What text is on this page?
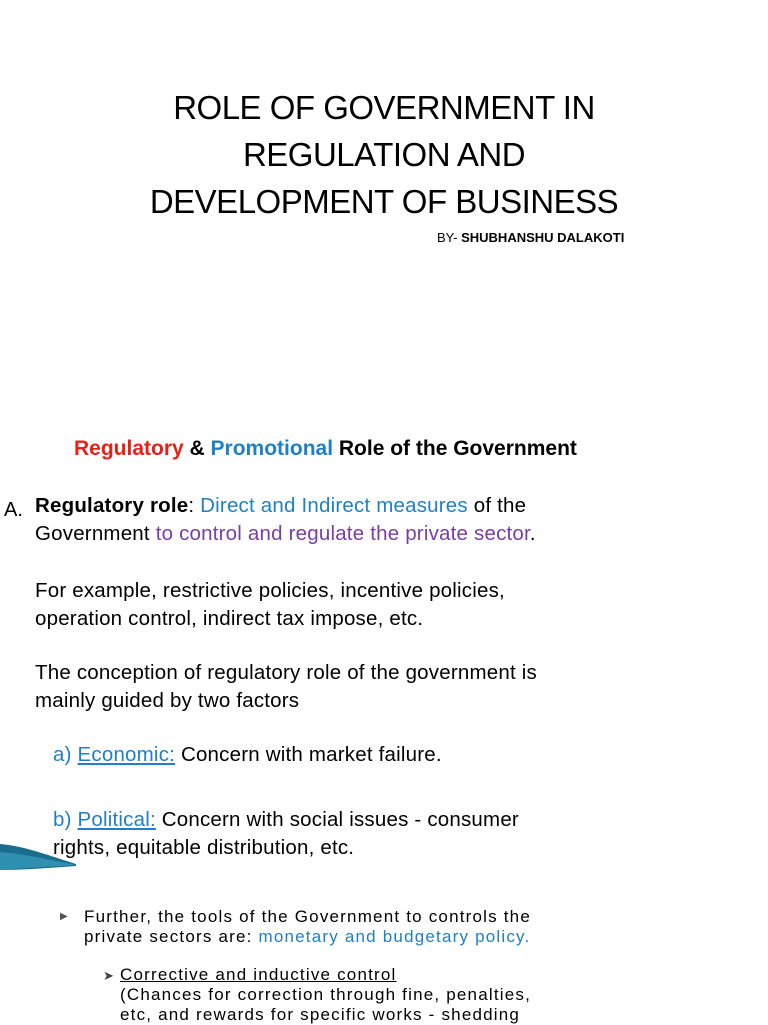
ROLE OF GOVERNMENT IN
REGULATION AND
DEVELOPMENT OF BUSINESS
BY- SHUBHANSHU DALAKOTI
Regulatory & Promotional Role of the Government
A. Regulatory role: Direct and Indirect measures of the
Government to control and regulate the private sector.
For example, restrictive policies, incentive policies,
operation control, indirect tax impose, etc.
The conception of regulatory role of the government is
mainly guided by two factors
a) Economic: Concern with market failure.
b) Political: Concern with social issues - consumer
rights, equitable distribution, etc.
▶ Further, the tools of the Government to controls the
private sectors are: monetary and budgetary policy.
➤ Corrective and inductive control
(Chances for correction through fine, penalties,
etc, and rewards for specific works - shedding
